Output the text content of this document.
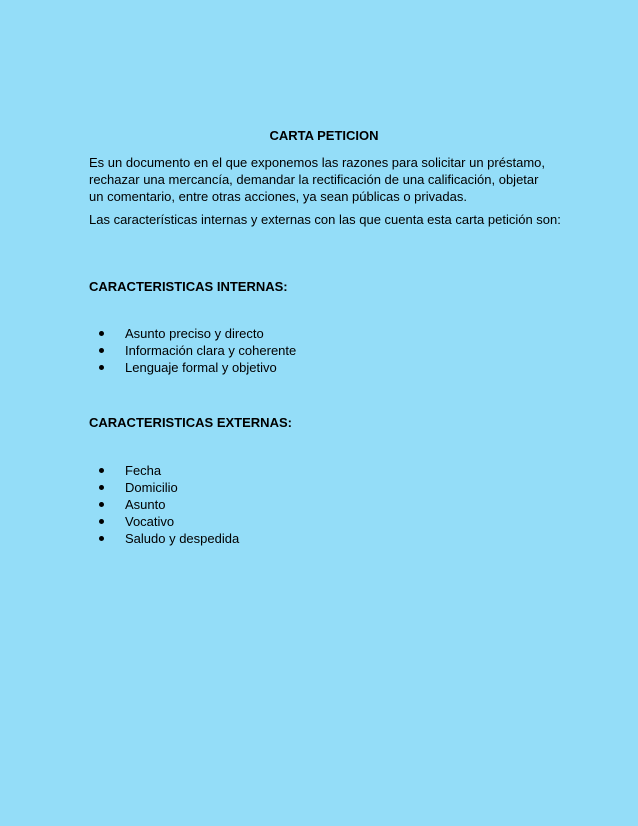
CARTA PETICION

Es un documento en el que exponemos las razones para solicitar un préstamo, rechazar una mercancía, demandar la rectificación de una calificación, objetar un comentario, entre otras acciones, ya sean públicas o privadas.

Las características internas y externas con las que cuenta esta carta petición son:

CARACTERISTICAS INTERNAS:
Asunto preciso y directo
Información clara y coherente
Lenguaje formal y objetivo
CARACTERISTICAS EXTERNAS:
Fecha
Domicilio
Asunto
Vocativo
Saludo y despedida
